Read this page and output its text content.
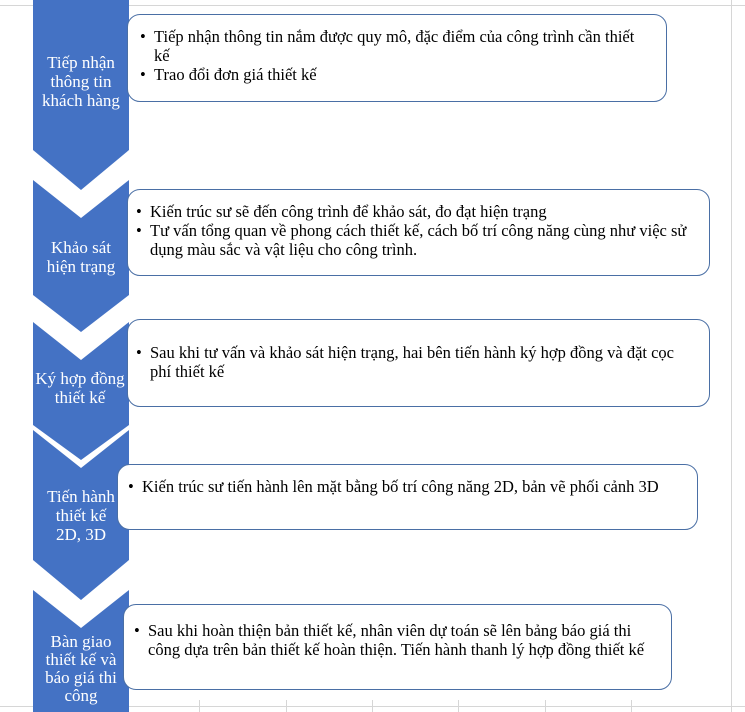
Tiếp nhận
thông tin
khách hàng
Khảo sát
hiện trạng
Ký hợp đồng
thiết kế
Tiến hành
thiết kế
2D, 3D
Bàn giao
thiết kế và
báo giá thi
công
• Tiếp nhận thông tin nắm được quy mô, đặc điểm của công trình cần thiết kế
• Trao đổi đơn giá thiết kế
• Kiến trúc sư sẽ đến công trình để khảo sát, đo đạt hiện trạng
• Tư vấn tổng quan về phong cách thiết kế, cách bố trí công năng cùng như việc sử dụng màu sắc và vật liệu cho công trình.
• Sau khi tư vấn và khảo sát hiện trạng, hai bên tiến hành ký hợp đồng và đặt cọc phí thiết kế
• Kiến trúc sư tiến hành lên mặt bằng bố trí công năng 2D, bản vẽ phối cảnh 3D
• Sau khi hoàn thiện bản thiết kế, nhân viên dự toán sẽ lên bảng báo giá thi công dựa trên bản thiết kế hoàn thiện. Tiến hành thanh lý hợp đồng thiết kế
